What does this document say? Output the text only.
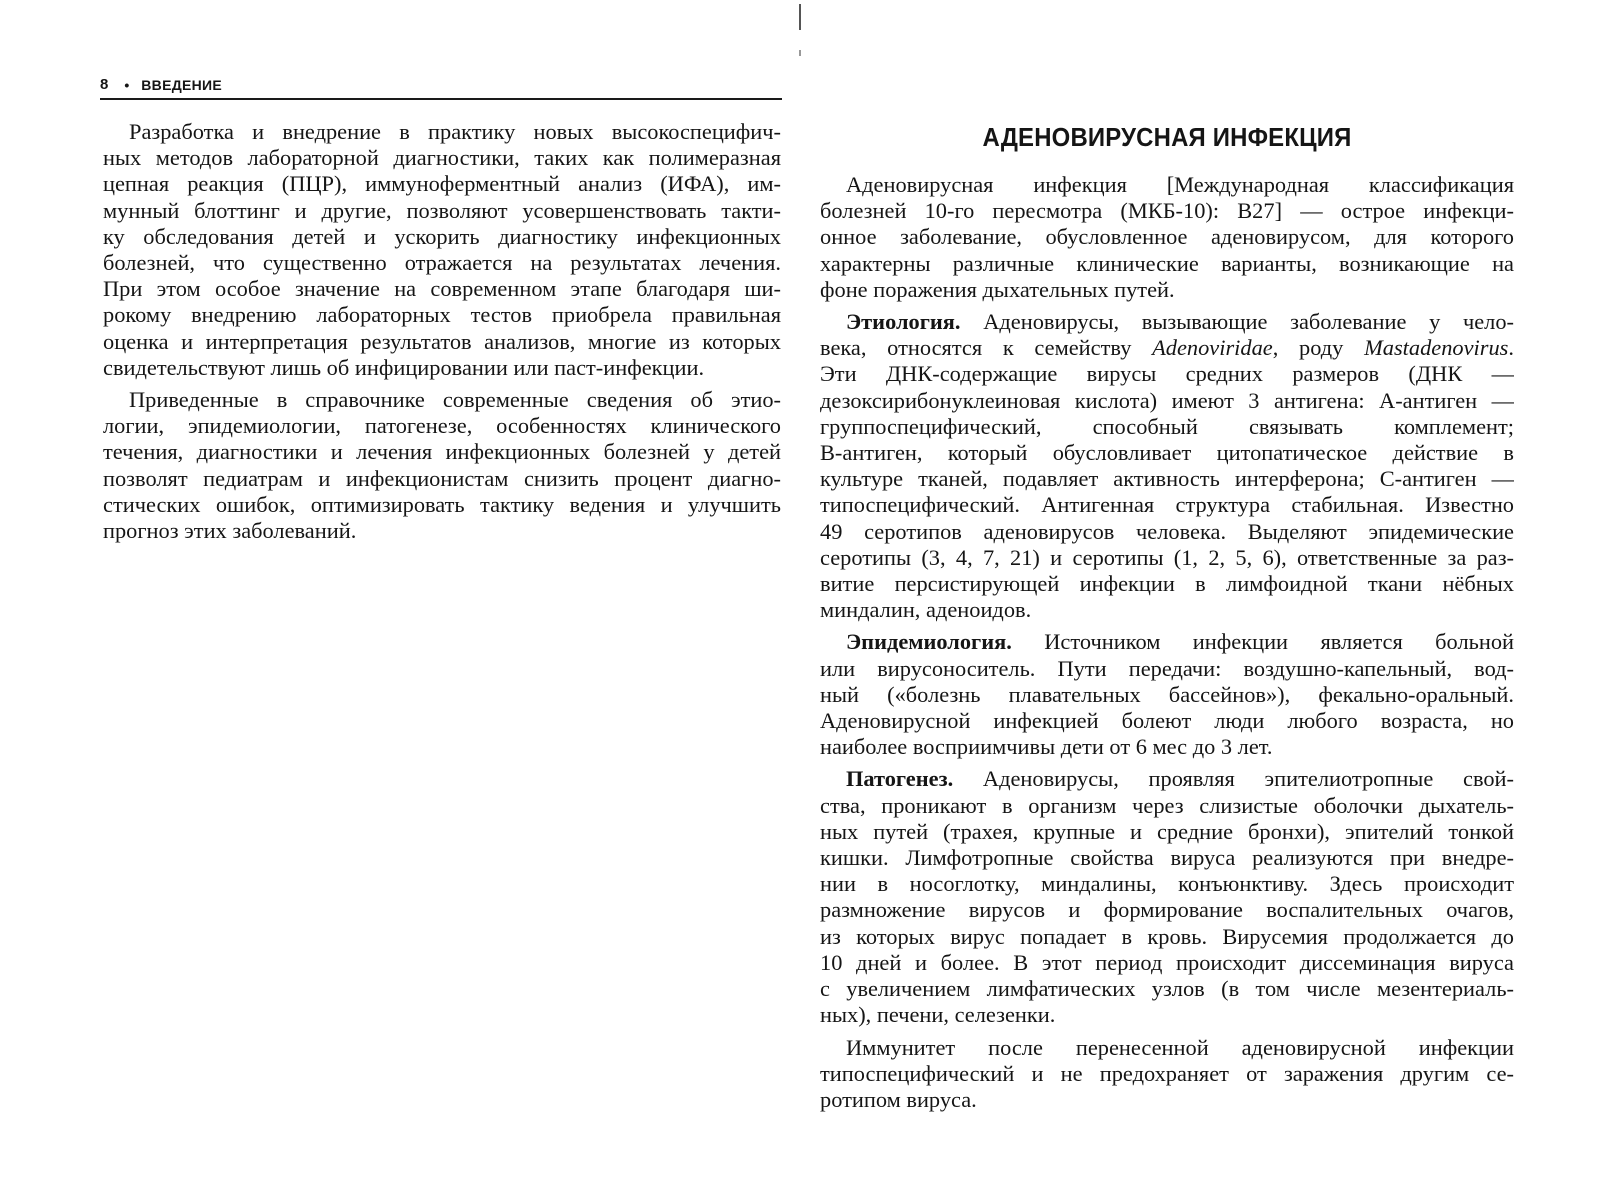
8 • ВВЕДЕНИЕ
Разработка и внедрение в практику новых высокоспецифич-
ных методов лабораторной диагностики, таких как полимеразная
цепная реакция (ПЦР), иммуноферментный анализ (ИФА), им-
мунный блоттинг и другие, позволяют усовершенствовать такти-
ку обследования детей и ускорить диагностику инфекционных
болезней, что существенно отражается на результатах лечения.
При этом особое значение на современном этапе благодаря ши-
рокому внедрению лабораторных тестов приобрела правильная
оценка и интерпретация результатов анализов, многие из которых
свидетельствуют лишь об инфицировании или паст-инфекции.
Приведенные в справочнике современные сведения об этио-
логии, эпидемиологии, патогенезе, особенностях клинического
течения, диагностики и лечения инфекционных болезней у детей
позволят педиатрам и инфекционистам снизить процент диагно-
стических ошибок, оптимизировать тактику ведения и улучшить
прогноз этих заболеваний.
АДЕНОВИРУСНАЯ ИНФЕКЦИЯ
Аденовирусная инфекция [Международная классификация
болезней 10-го пересмотра (МКБ-10): B27] — острое инфекци-
онное заболевание, обусловленное аденовирусом, для которого
характерны различные клинические варианты, возникающие на
фоне поражения дыхательных путей.
Этиология. Аденовирусы, вызывающие заболевание у чело-
века, относятся к семейству Adenoviridae, роду Mastadenovirus.
Эти ДНК-содержащие вирусы средних размеров (ДНК —
дезоксирибонуклеиновая кислота) имеют 3 антигена: А-антиген —
группоспецифический, способный связывать комплемент;
В-антиген, который обусловливает цитопатическое действие в
культуре тканей, подавляет активность интерферона; С-антиген —
типоспецифический. Антигенная структура стабильная. Известно
49 серотипов аденовирусов человека. Выделяют эпидемические
серотипы (3, 4, 7, 21) и серотипы (1, 2, 5, 6), ответственные за раз-
витие персистирующей инфекции в лимфоидной ткани нёбных
миндалин, аденоидов.
Эпидемиология. Источником инфекции является больной
или вирусоноситель. Пути передачи: воздушно-капельный, вод-
ный («болезнь плавательных бассейнов»), фекально-оральный.
Аденовирусной инфекцией болеют люди любого возраста, но
наиболее восприимчивы дети от 6 мес до 3 лет.
Патогенез. Аденовирусы, проявляя эпителиотропные свой-
ства, проникают в организм через слизистые оболочки дыхатель-
ных путей (трахея, крупные и средние бронхи), эпителий тонкой
кишки. Лимфотропные свойства вируса реализуются при внедре-
нии в носоглотку, миндалины, конъюнктиву. Здесь происходит
размножение вирусов и формирование воспалительных очагов,
из которых вирус попадает в кровь. Вирусемия продолжается до
10 дней и более. В этот период происходит диссеминация вируса
с увеличением лимфатических узлов (в том числе мезентериаль-
ных), печени, селезенки.
Иммунитет после перенесенной аденовирусной инфекции
типоспецифический и не предохраняет от заражения другим се-
ротипом вируса.
